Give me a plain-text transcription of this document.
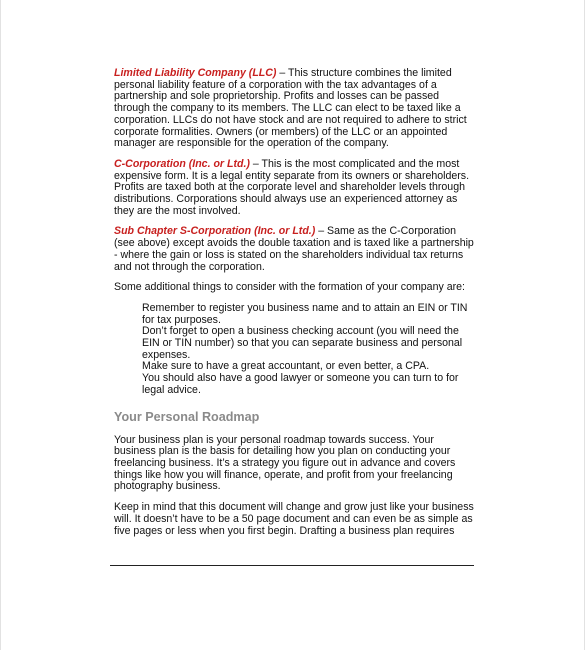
Limited Liability Company (LLC) – This structure combines the limited personal liability feature of a corporation with the tax advantages of a partnership and sole proprietorship. Profits and losses can be passed through the company to its members. The LLC can elect to be taxed like a corporation. LLCs do not have stock and are not required to adhere to strict corporate formalities. Owners (or members) of the LLC or an appointed manager are responsible for the operation of the company.

C-Corporation (Inc. or Ltd.) – This is the most complicated and the most expensive form. It is a legal entity separate from its owners or shareholders. Profits are taxed both at the corporate level and shareholder levels through distributions. Corporations should always use an experienced attorney as they are the most involved.

Sub Chapter S-Corporation (Inc. or Ltd.) – Same as the C-Corporation (see above) except avoids the double taxation and is taxed like a partnership - where the gain or loss is stated on the shareholders individual tax returns and not through the corporation.

Some additional things to consider with the formation of your company are:

Remember to register you business name and to attain an EIN or TIN for tax purposes.
Don’t forget to open a business checking account (you will need the EIN or TIN number) so that you can separate business and personal expenses.
Make sure to have a great accountant, or even better, a CPA.
You should also have a good lawyer or someone you can turn to for legal advice.
Your Personal Roadmap

Your business plan is your personal roadmap towards success. Your business plan is the basis for detailing how you plan on conducting your freelancing business. It’s a strategy you figure out in advance and covers things like how you will finance, operate, and profit from your freelancing photography business.

Keep in mind that this document will change and grow just like your business will. It doesn’t have to be a 50 page document and can even be as simple as five pages or less when you first begin. Drafting a business plan requires
